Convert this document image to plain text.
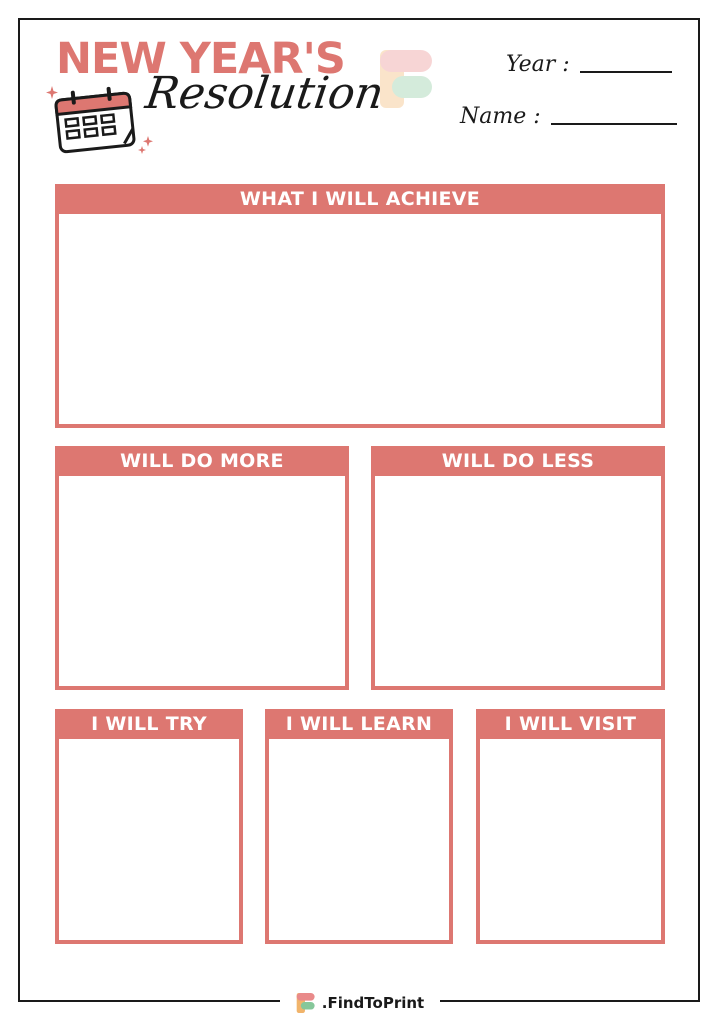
NEW YEAR'S
Resolution
Year :
Name :
WHAT I WILL ACHIEVE
WILL DO MORE	WILL DO LESS
I WILL TRY	I WILL LEARN	I WILL VISIT
.FindToPrint
